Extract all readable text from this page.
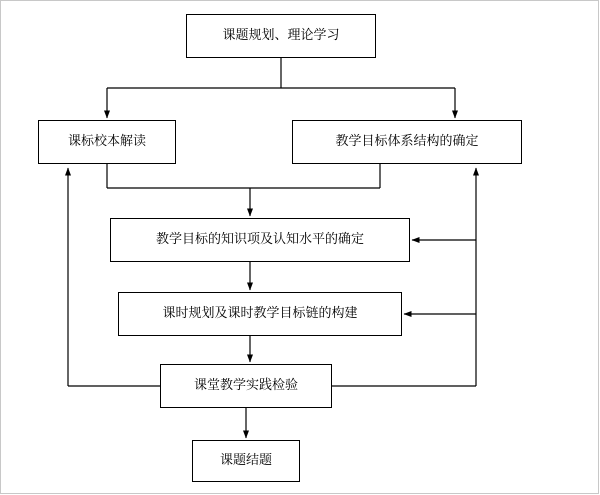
课题规划、理论学习
课标校本解读	教学目标体系结构的确定
教学目标的知识项及认知水平的确定
课时规划及课时教学目标链的构建
课堂教学实践检验
课题结题
